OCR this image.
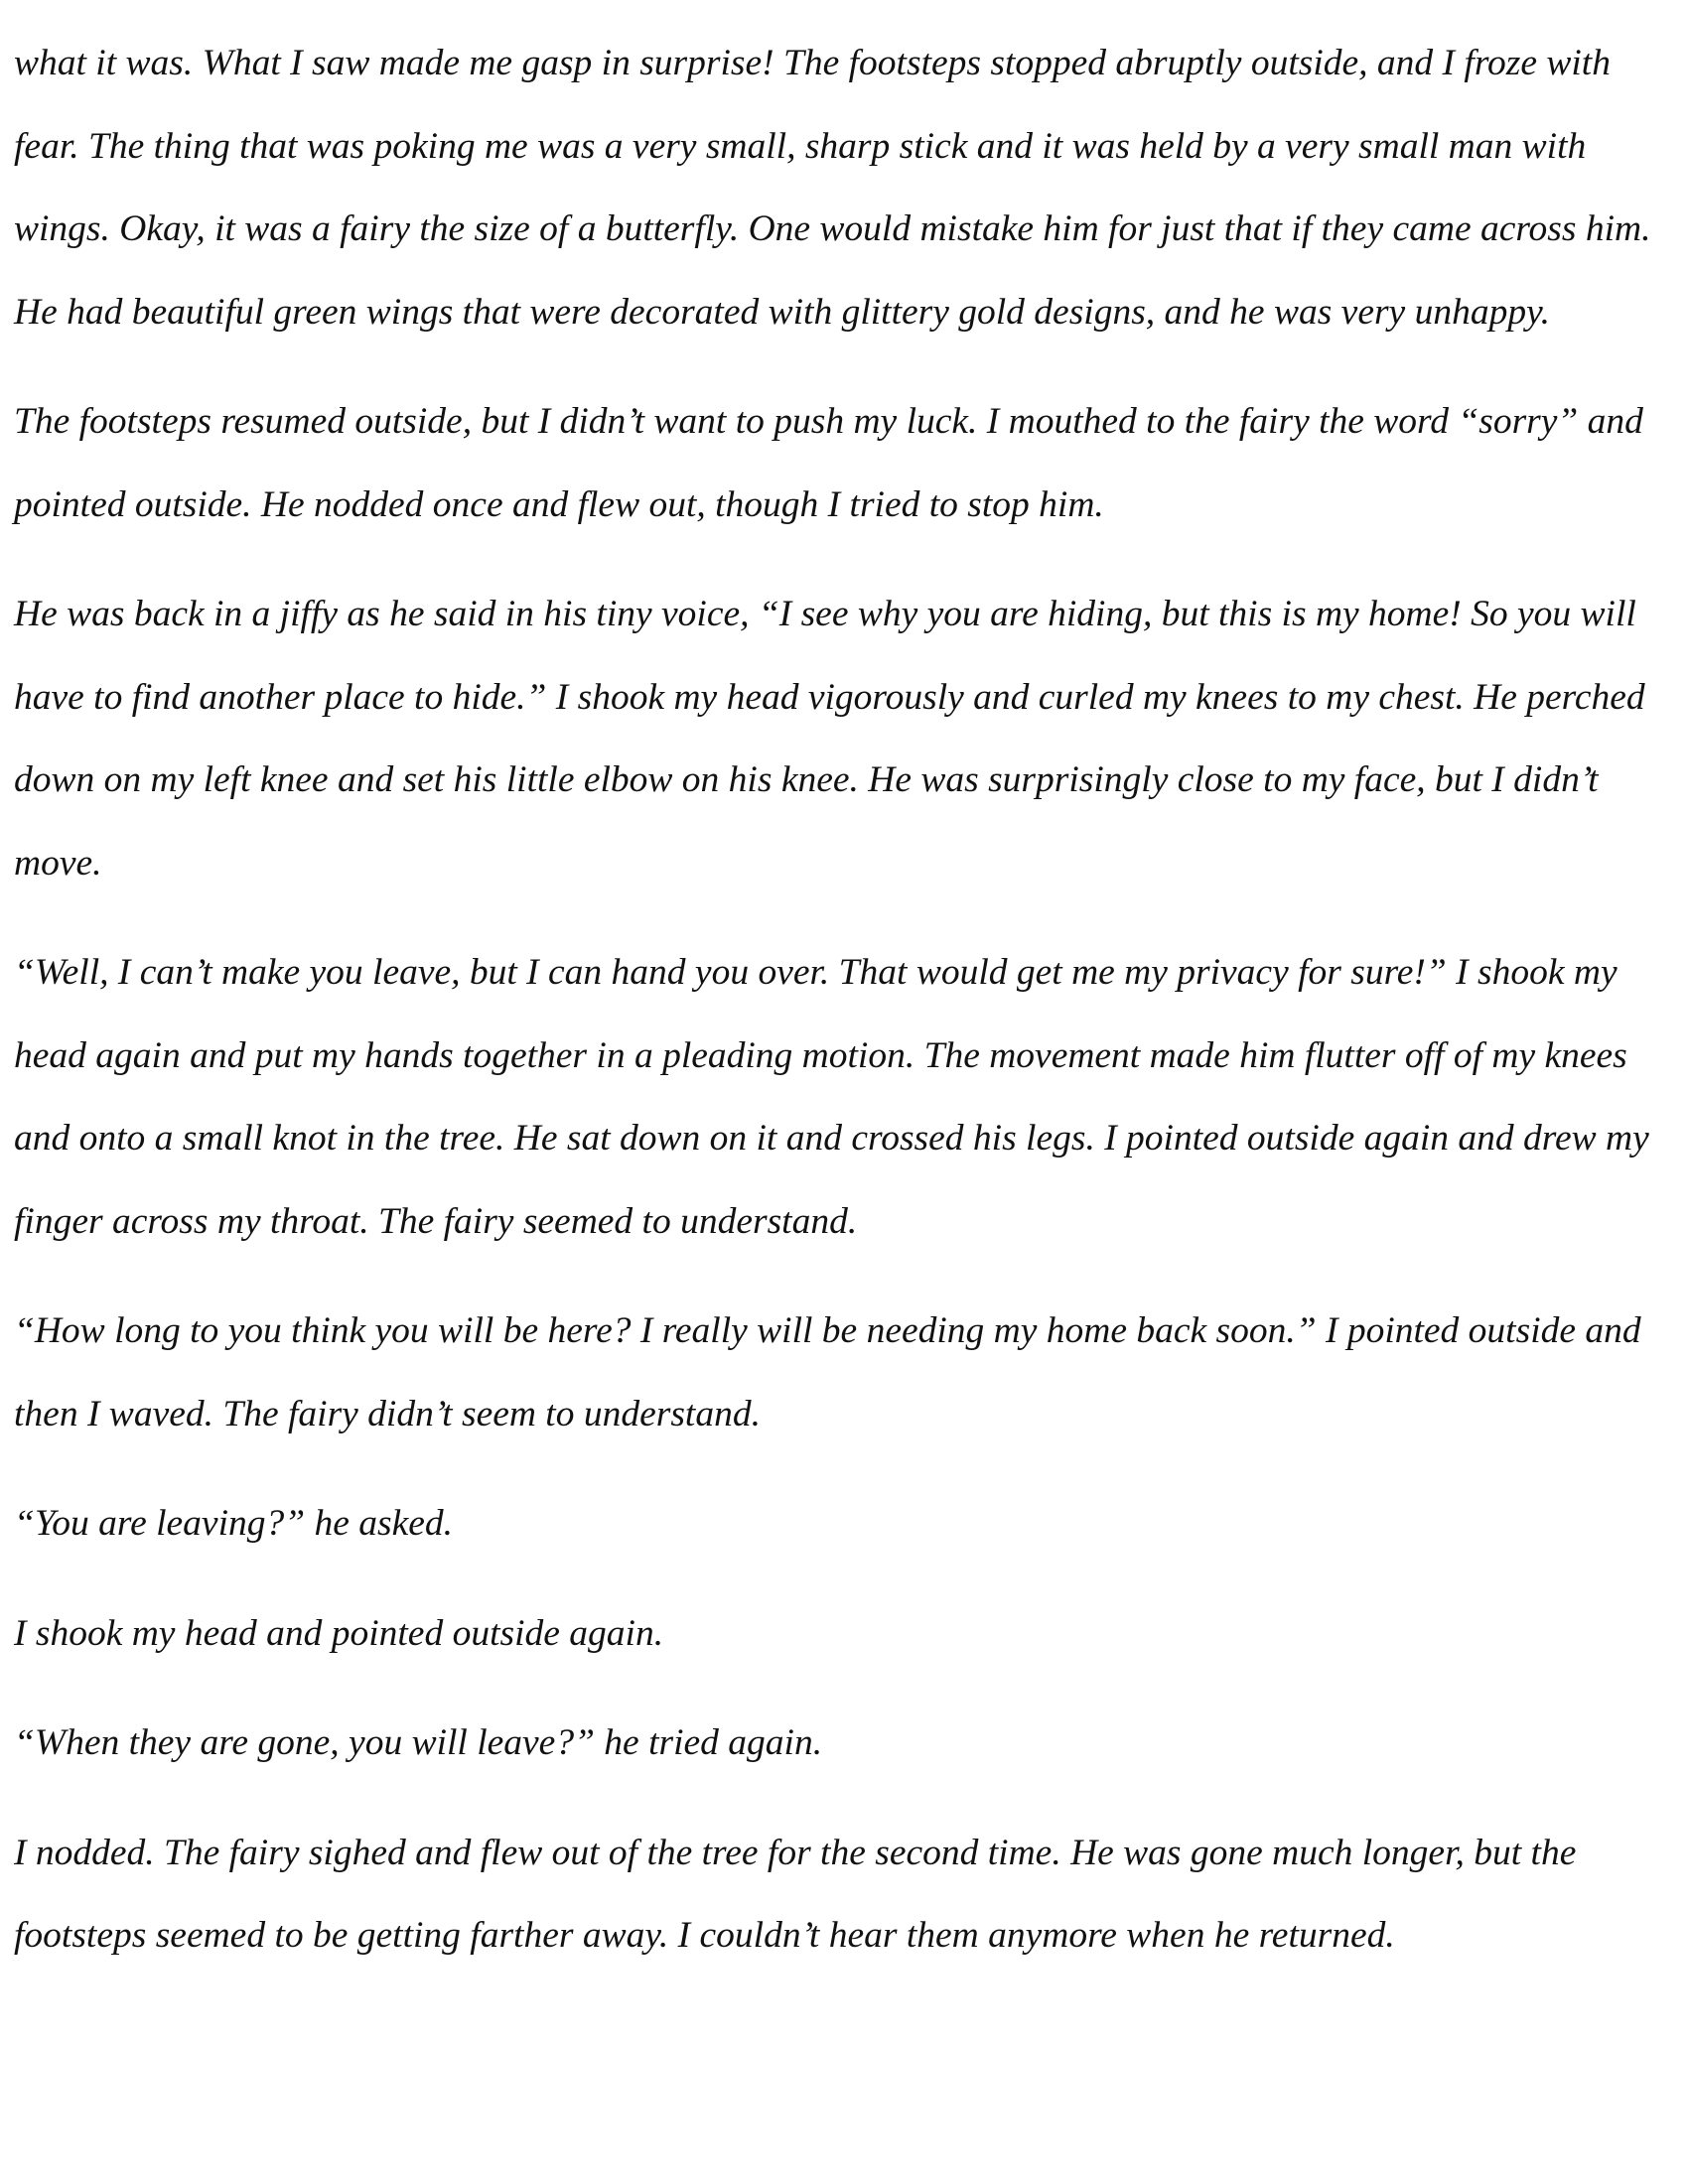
what it was. What I saw made me gasp in surprise! The footsteps stopped abruptly outside, and I froze with fear. The thing that was poking me was a very small, sharp stick and it was held by a very small man with wings. Okay, it was a fairy the size of a butterfly. One would mistake him for just that if they came across him. He had beautiful green wings that were decorated with glittery gold designs, and he was very unhappy.

The footsteps resumed outside, but I didn’t want to push my luck. I mouthed to the fairy the word “sorry” and pointed outside. He nodded once and flew out, though I tried to stop him.

He was back in a jiffy as he said in his tiny voice, “I see why you are hiding, but this is my home! So you will have to find another place to hide.” I shook my head vigorously and curled my knees to my chest. He perched down on my left knee and set his little elbow on his knee. He was surprisingly close to my face, but I didn’t move.

“Well, I can’t make you leave, but I can hand you over. That would get me my privacy for sure!” I shook my head again and put my hands together in a pleading motion. The movement made him flutter off of my knees and onto a small knot in the tree. He sat down on it and crossed his legs. I pointed outside again and drew my finger across my throat. The fairy seemed to understand.

“How long to you think you will be here? I really will be needing my home back soon.” I pointed outside and then I waved. The fairy didn’t seem to understand.

“You are leaving?” he asked.

I shook my head and pointed outside again.

“When they are gone, you will leave?” he tried again.

I nodded. The fairy sighed and flew out of the tree for the second time. He was gone much longer, but the footsteps seemed to be getting farther away. I couldn’t hear them anymore when he returned.
